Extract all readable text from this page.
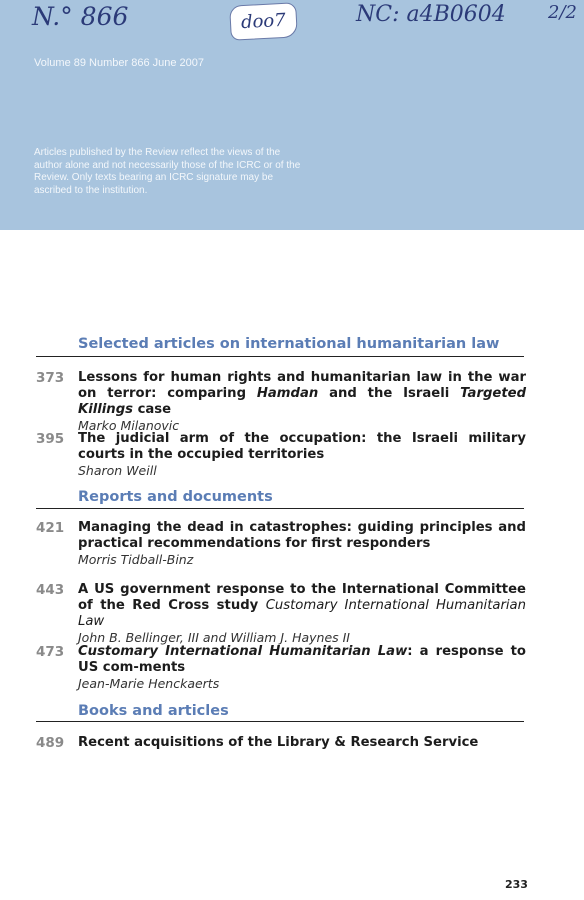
N.° 866	doo7	NC: a4B0604 2/2
Volume 89 Number 866 June 2007
Articles published by the Review reflect the views of the author alone and not necessarily those of the ICRC or of the Review. Only texts bearing an ICRC signature may be ascribed to the institution.
Selected articles on international humanitarian law
373 Lessons for human rights and humanitarian law in the war on terror: comparing Hamdan and the Israeli Targeted Killings case
Marko Milanovic
395 The judicial arm of the occupation: the Israeli military courts in the occupied territories
Sharon Weill
Reports and documents
421 Managing the dead in catastrophes: guiding principles and practical recommendations for first responders
Morris Tidball-Binz
443 A US government response to the International Committee of the Red Cross study Customary International Humanitarian Law
John B. Bellinger, III and William J. Haynes II
473 Customary International Humanitarian Law: a response to US com-ments
Jean-Marie Henckaerts
Books and articles
489 Recent acquisitions of the Library & Research Service
233
